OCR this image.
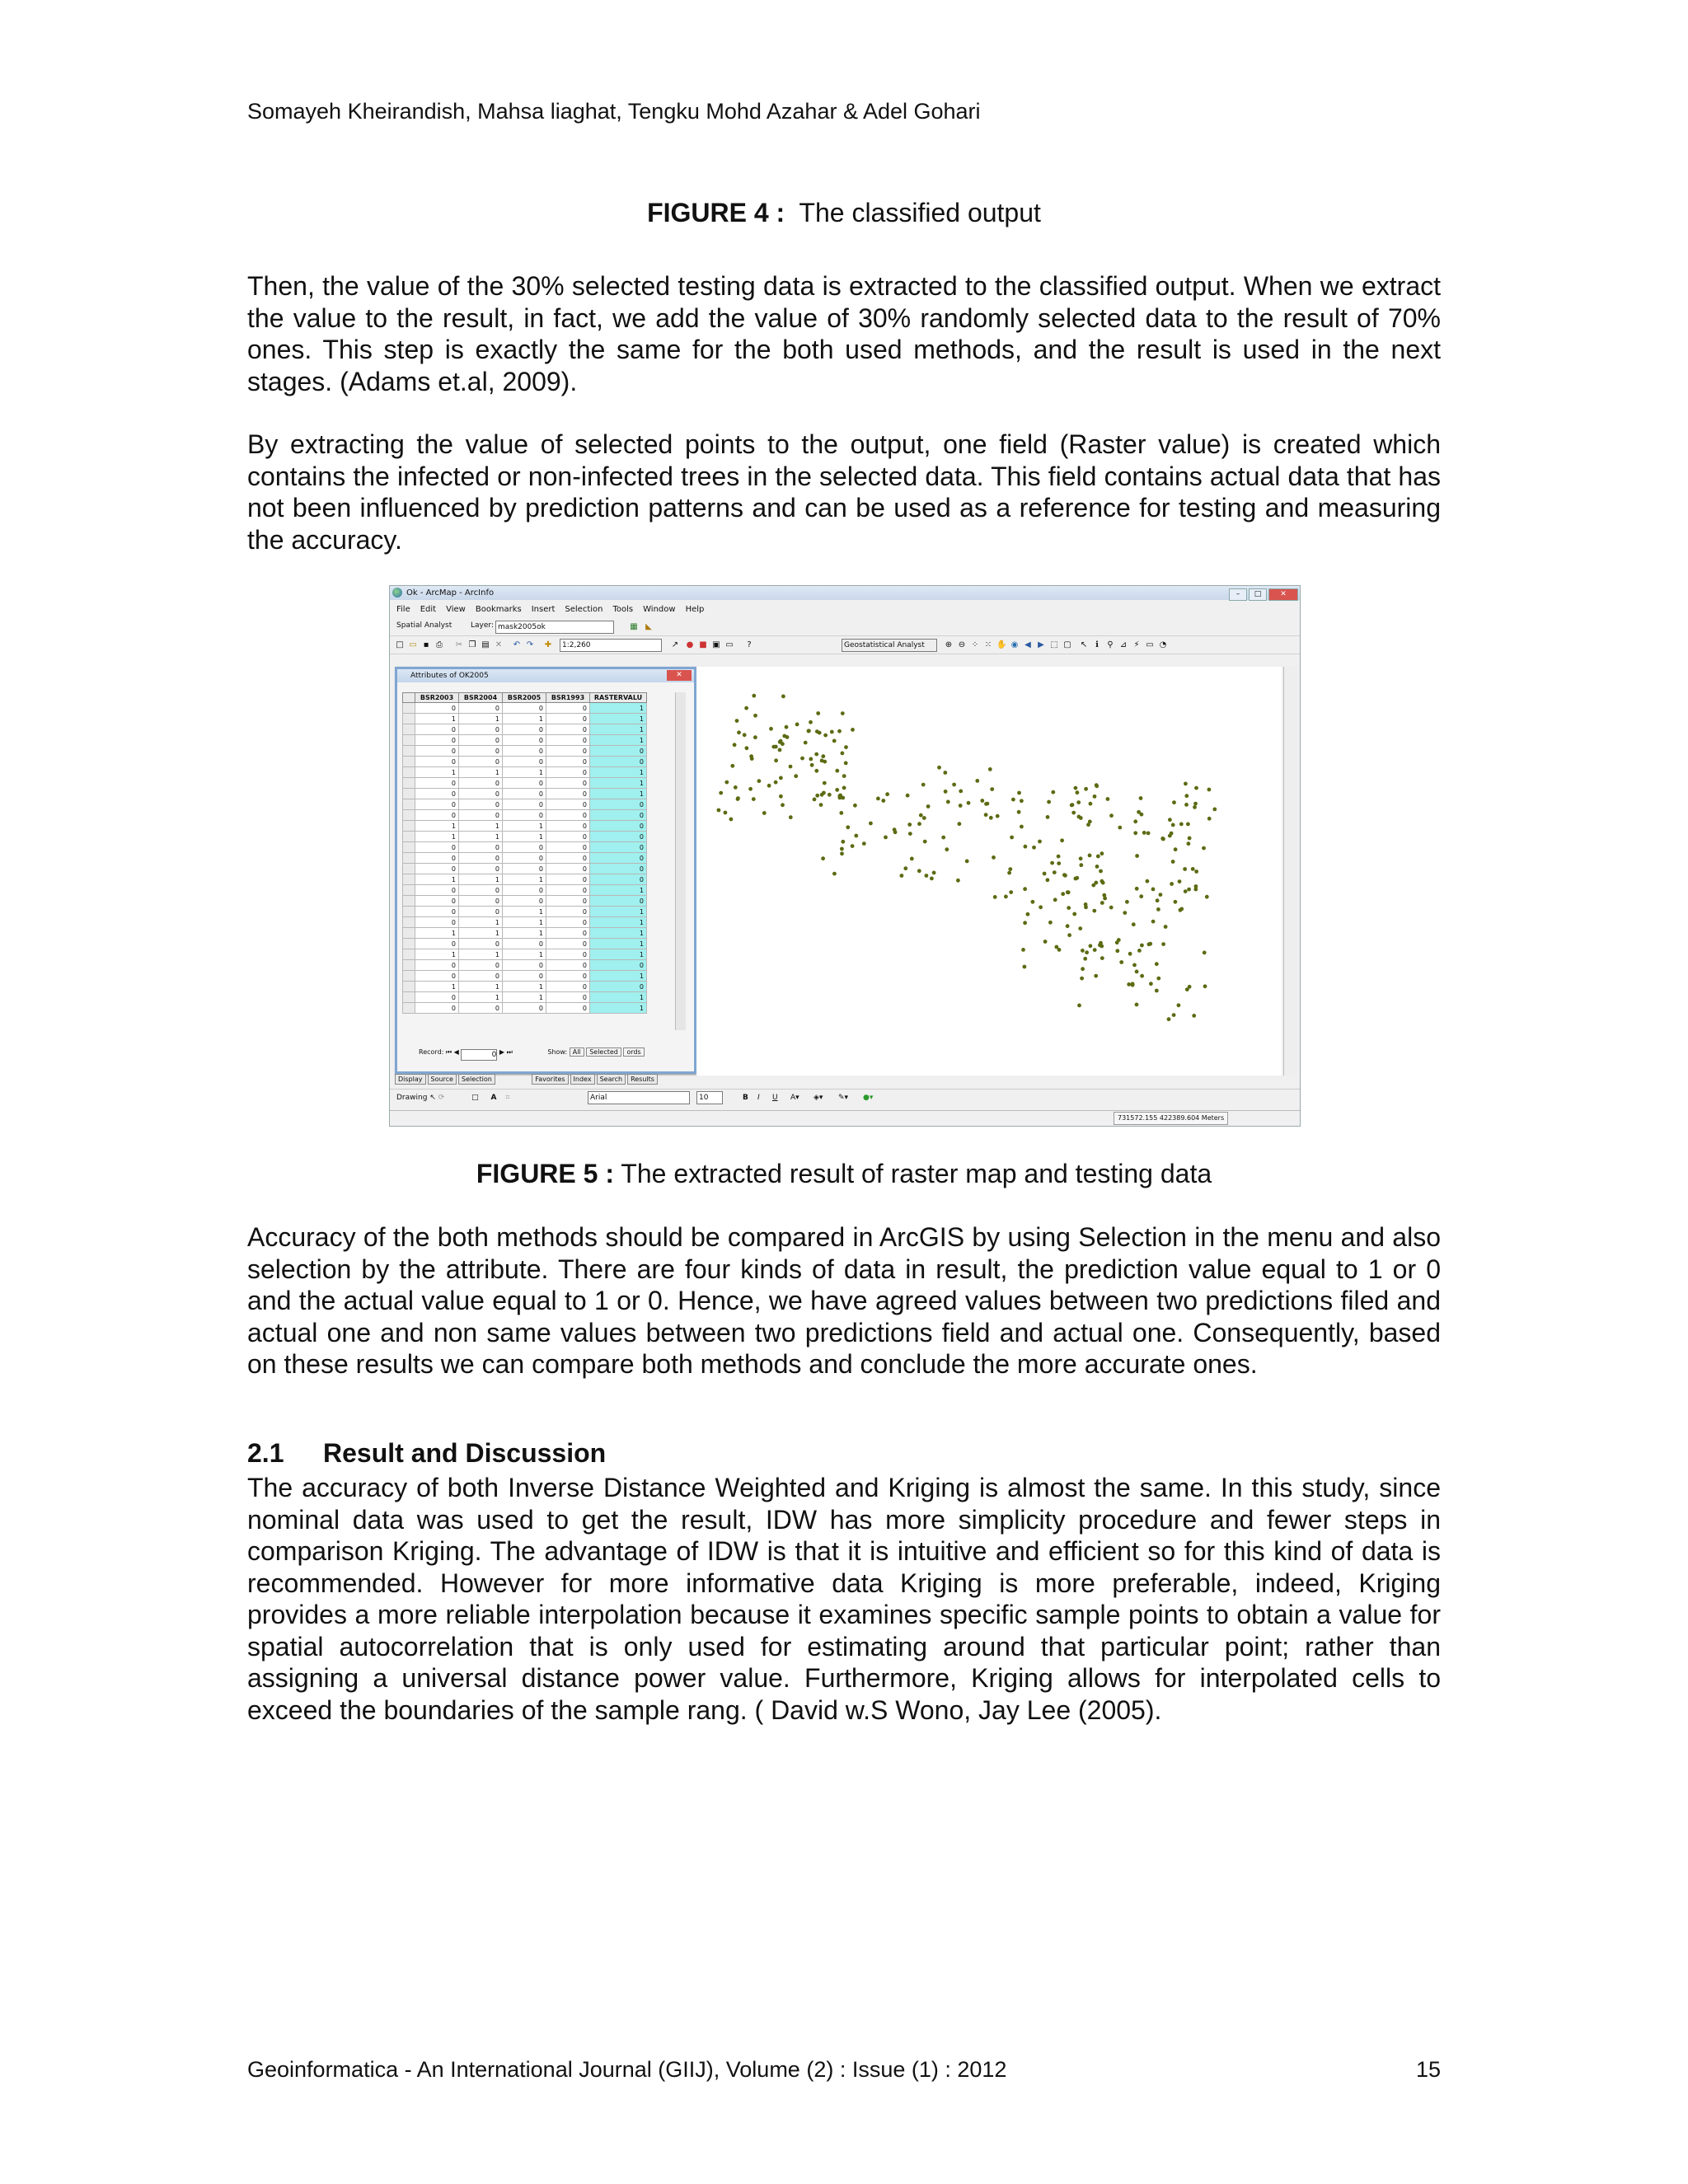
Somayeh Kheirandish, Mahsa liaghat, Tengku Mohd Azahar & Adel Gohari
FIGURE 4 : The classified output
Then, the value of the 30% selected testing data is extracted to the classified output. When we extract the value to the result, in fact, we add the value of 30% randomly selected data to the result of 70% ones. This step is exactly the same for the both used methods, and the result is used in the next stages. (Adams et.al, 2009).
By extracting the value of selected points to the output, one field (Raster value) is created which contains the infected or non-infected trees in the selected data. This field contains actual data that has not been influenced by prediction patterns and can be used as a reference for testing and measuring the accuracy.
Ok - ArcMap - ArcInfo	– □	✕
File Edit View Bookmarks Insert Selection Tools Window Help
Spatial Analyst	Layer: mask2005ok	▦ ◣
□ ▭ ▪ ⎙ ✂ ❐ ▤ ✕ ↶ ↷ ✚	1:2,260	↗ ● ■ ▣ ▭	?	Geostatistical Analyst	⊕ ⊖ ⁘ ⁙ ✋ ◉ ◀ ▶ ⬚ ▢ ↖ ℹ	⚲ ⊿ ⚡ ▭ ◔
Attributes of OK2005	✕
	BSR2003	BSR2004	BSR2005	BSR1993	RASTERVALU
	0	0	0	0	1
	1	1	1	0	1
	0	0	0	0	1
	0	0	0	0	1
	0	0	0	0	0
	0	0	0	0	0
	1	1	1	0	1
	0	0	0	0	1
	0	0	0	0	1
	0	0	0	0	0
	0	0	0	0	0
	1	1	1	0	0
	1	1	1	0	0
	0	0	0	0	0
	0	0	0	0	0
	0	0	0	0	0
	1	1	1	0	0
	0	0	0	0	1
	0	0	0	0	0
	0	0	1	0	1
	0	1	1	0	1
	1	1	1	0	1
	0	0	0	0	1
	1	1	1	0	1
	0	0	0	0	0
	0	0	0	0	1
	1	1	1	0	0
	0	1	1	0	1
	0	0	0	0	1
Record: ⏮ ◀	0 ▶ ⏭	Show: All Selected ords
Display Source Selection	Favorites Index Search Results
Drawing ↖ ⟳	□ A ⌗	Arial	10	B I U A▾ ◈▾ ✎▾ ●▾
731572.155 422389.604 Meters
FIGURE 5 : The extracted result of raster map and testing data
Accuracy of the both methods should be compared in ArcGIS by using Selection in the menu and also selection by the attribute. There are four kinds of data in result, the prediction value equal to 1 or 0 and the actual value equal to 1 or 0. Hence, we have agreed values between two predictions filed and actual one and non same values between two predictions field and actual one. Consequently, based on these results we can compare both methods and conclude the more accurate ones.
2.1 Result and Discussion
The accuracy of both Inverse Distance Weighted and Kriging is almost the same. In this study, since nominal data was used to get the result, IDW has more simplicity procedure and fewer steps in comparison Kriging. The advantage of IDW is that it is intuitive and efficient so for this kind of data is recommended. However for more informative data Kriging is more preferable, indeed, Kriging provides a more reliable interpolation because it examines specific sample points to obtain a value for spatial autocorrelation that is only used for estimating around that particular point; rather than assigning a universal distance power value. Furthermore, Kriging allows for interpolated cells to exceed the boundaries of the sample rang. ( David w.S Wono, Jay Lee (2005).
Geoinformatica - An International Journal (GIIJ), Volume (2) : Issue (1) : 2012	15
